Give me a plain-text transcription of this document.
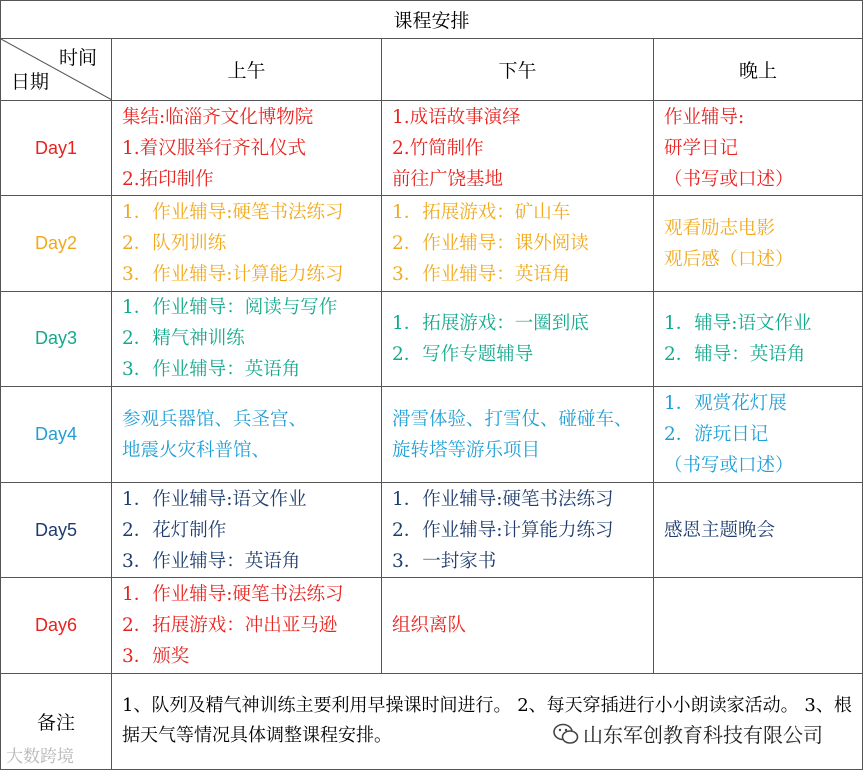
课程安排			

时间
日期	上午	下午	晚上
Day1	集结:临淄齐文化博物院
1.着汉服举行齐礼仪式
2.拓印制作	1.成语故事演绎
2.竹简制作
前往广饶基地	作业辅导:
研学日记
（书写或口述）

Day2	1．作业辅导:硬笔书法练习
2．队列训练
3．作业辅导:计算能力练习	1．拓展游戏：矿山车
2．作业辅导：课外阅读
3．作业辅导：英语角	观看励志电影
观后感（口述）

Day3	1．作业辅导：阅读与写作
2．精气神训练
3．作业辅导：英语角	1．拓展游戏：一圈到底
2．写作专题辅导	1．辅导:语文作业
2．辅导：英语角

Day4	参观兵器馆、兵圣宫、
地震火灾科普馆、	滑雪体验、打雪仗、碰碰车、
旋转塔等游乐项目	1．观赏花灯展
2．游玩日记
（书写或口述）

Day5	1．作业辅导:语文作业
2．花灯制作
3．作业辅导：英语角	1．作业辅导:硬笔书法练习
2．作业辅导:计算能力练习
3．一封家书	感恩主题晚会

Day6	1．作业辅导:硬笔书法练习
2．拓展游戏：冲出亚马逊
3．颁奖	组织离队	

备注	1、队列及精气神训练主要利用早操课时间进行。 2、每天穿插进行小小朗读家活动。 3、根据天气等情况具体调整课程安排。		
大数跨境
山东军创教育科技有限公司
